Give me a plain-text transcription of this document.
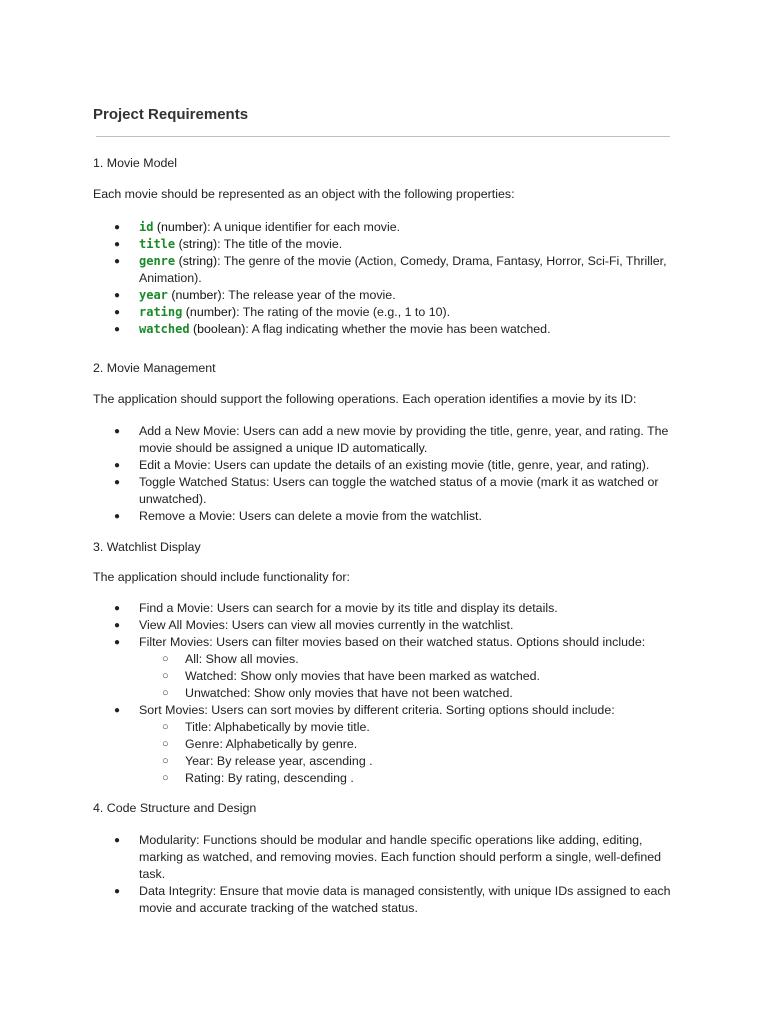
Project Requirements

1. Movie Model

Each movie should be represented as an object with the following properties:

● id (number): A unique identifier for each movie.
● title (string): The title of the movie.
● genre (string): The genre of the movie (Action, Comedy, Drama, Fantasy, Horror, Sci-Fi, Thriller, Animation).
● year (number): The release year of the movie.
● rating (number): The rating of the movie (e.g., 1 to 10).
● watched (boolean): A flag indicating whether the movie has been watched.

2. Movie Management

The application should support the following operations. Each operation identifies a movie by its ID:

● Add a New Movie: Users can add a new movie by providing the title, genre, year, and rating. The movie should be assigned a unique ID automatically.
● Edit a Movie: Users can update the details of an existing movie (title, genre, year, and rating).
● Toggle Watched Status: Users can toggle the watched status of a movie (mark it as watched or unwatched).
● Remove a Movie: Users can delete a movie from the watchlist.

3. Watchlist Display

The application should include functionality for:

● Find a Movie: Users can search for a movie by its title and display its details.
● View All Movies: Users can view all movies currently in the watchlist.
● Filter Movies: Users can filter movies based on their watched status. Options should include:
○ All: Show all movies.
○ Watched: Show only movies that have been marked as watched.
○ Unwatched: Show only movies that have not been watched.
● Sort Movies: Users can sort movies by different criteria. Sorting options should include:
○ Title: Alphabetically by movie title.
○ Genre: Alphabetically by genre.
○ Year: By release year, ascending .
○ Rating: By rating, descending .

4. Code Structure and Design

● Modularity: Functions should be modular and handle specific operations like adding, editing, marking as watched, and removing movies. Each function should perform a single, well-defined task.
● Data Integrity: Ensure that movie data is managed consistently, with unique IDs assigned to each movie and accurate tracking of the watched status.
